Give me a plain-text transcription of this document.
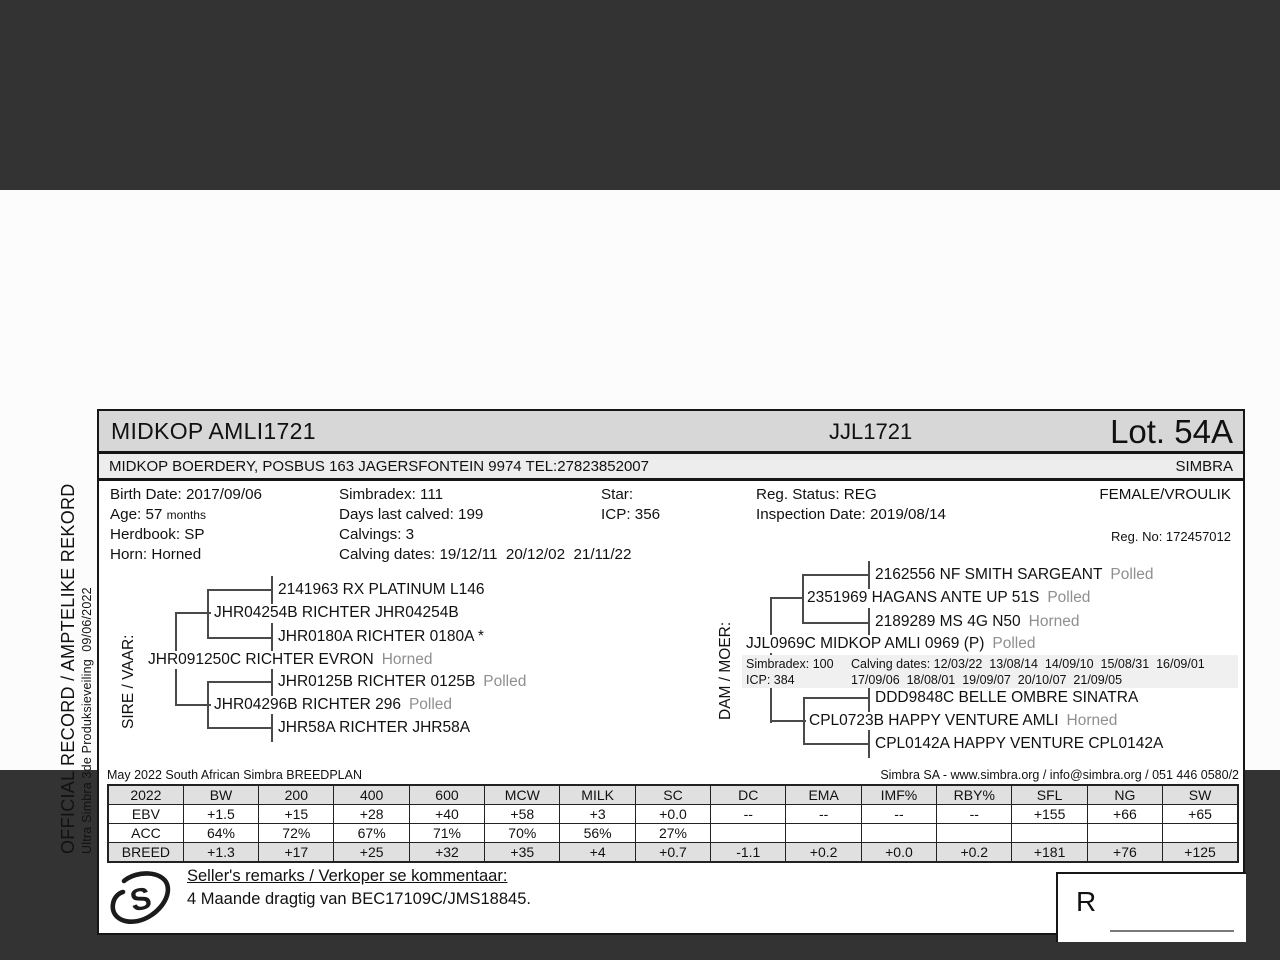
OFFICIAL RECORD / AMPTELIKE REKORD Ultra Simbra 3de Produksieveiling  09/06/2022
MIDKOP AMLI1721	JJL1721	Lot. 54A
MIDKOP BOERDERY, POSBUS 163 JAGERSFONTEIN 9974 TEL:27823852007	SIMBRA
Birth Date: 2017/09/06
Age: 57 months
Herdbook: SP
Horn: Horned
Simbradex: 111
Days last calved: 199
Calvings: 3
Calving dates: 19/12/11  20/12/02  21/11/22
Star:
ICP: 356
Reg. Status: REG
Inspection Date: 2019/08/14
FEMALE/VROULIK
Reg. No: 172457012
SIRE / VAAR:
2141963 RX PLATINUM L146
JHR04254B RICHTER JHR04254B
JHR0180A RICHTER 0180A *
JHR091250C RICHTER EVRON Horned
JHR0125B RICHTER 0125B Polled
JHR04296B RICHTER 296 Polled
JHR58A RICHTER JHR58A
DAM / MOER:
2162556 NF SMITH SARGEANT Polled
2351969 HAGANS ANTE UP 51S Polled
2189289 MS 4G N50 Horned
JJL0969C MIDKOP AMLI 0969 (P) Polled
Simbradex: 100
ICP: 384
Calving dates: 12/03/22  13/08/14  14/09/10  15/08/31  16/09/01
17/09/06  18/08/01  19/09/07  20/10/07  21/09/05
DDD9848C BELLE OMBRE SINATRA
CPL0723B HAPPY VENTURE AMLI Horned
CPL0142A HAPPY VENTURE CPL0142A
May 2022 South African Simbra BREEDPLAN	Simbra SA - www.simbra.org / info@simbra.org / 051 446 0580/2
2022	BW	200	400	600	MCW	MILK	SC	DC	EMA	IMF%	RBY%	SFL	NG	SW
EBV	+1.5	+15	+28	+40	+58	+3	+0.0	--	--	--	--	+155	+66	+65
ACC	64%	72%	67%	71%	70%	56%	27%							
BREED	+1.3	+17	+25	+32	+35	+4	+0.7	-1.1	+0.2	+0.0	+0.2	+181	+76	+125
S
Seller's remarks / Verkoper se kommentaar:
4 Maande dragtig van BEC17109C/JMS18845.	R
